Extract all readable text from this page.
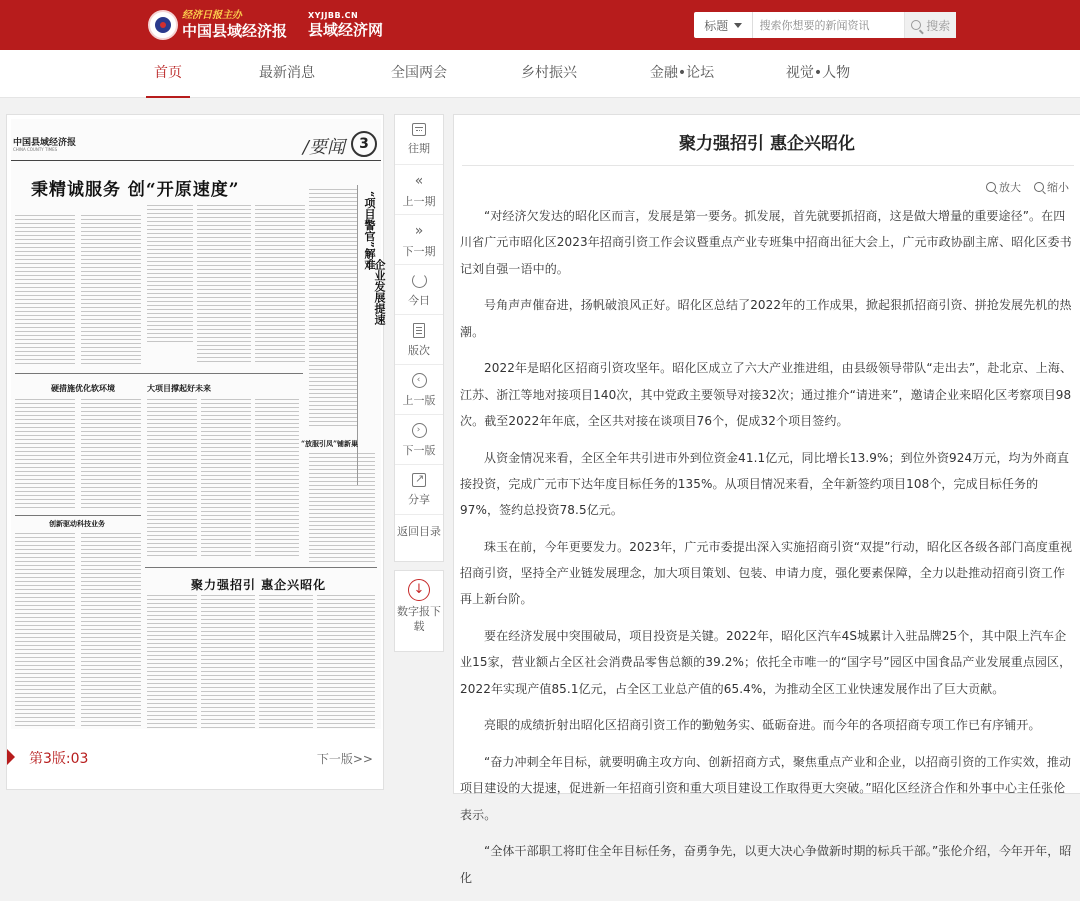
经济日报主办
中国县域经济报
XYJJBB.CN
县域经济网	标题
搜索你想要的新闻资讯	搜索
首页	最新消息	全国两会	乡村振兴	金融•论坛	视觉•人物
中国县域经济报
CHINA COUNTY TIMES	/要闻	3
秉精诚服务 创“开原速度”
“项目警官”解难
企业发展提速
硬措施优化软环境	大项目撑起好未来
“放服引凤”铺新巢
创新驱动科技业务
聚力强招引 惠企兴昭化
第3版:03	下一版>>
往期
«
上一期
»
下一期
今日
版次
‹
上一版
›
下一版
↗
分享
返回目录
↓
数字报下载
聚力强招引 惠企兴昭化
放大 缩小

“对经济欠发达的昭化区而言，发展是第一要务。抓发展，首先就要抓招商，这是做大增量的重要途径”。在四川省广元市昭化区2023年招商引资工作会议暨重点产业专班集中招商出征大会上，广元市政协副主席、昭化区委书记刘自强一语中的。

号角声声催奋进，扬帆破浪风正好。昭化区总结了2022年的工作成果，掀起狠抓招商引资、拼抢发展先机的热潮。

2022年是昭化区招商引资攻坚年。昭化区成立了六大产业推进组，由县级领导带队“走出去”，赴北京、上海、江苏、浙江等地对接项目140次，其中党政主要领导对接32次；通过推介“请进来”，邀请企业来昭化区考察项目98次。截至2022年年底，全区共对接在谈项目76个，促成32个项目签约。

从资金情况来看，全区全年共引进市外到位资金41.1亿元，同比增长13.9%；到位外资924万元，均为外商直接投资，完成广元市下达年度目标任务的135%。从项目情况来看，全年新签约项目108个，完成目标任务的97%，签约总投资78.5亿元。

珠玉在前，今年更要发力。2023年，广元市委提出深入实施招商引资“双提”行动，昭化区各级各部门高度重视招商引资，坚持全产业链发展理念，加大项目策划、包装、申请力度，强化要素保障，全力以赴推动招商引资工作再上新台阶。

要在经济发展中突围破局，项目投资是关键。2022年，昭化区汽车4S城累计入驻品牌25个，其中限上汽车企业15家，营业额占全区社会消费品零售总额的39.2%；依托全市唯一的“国字号”园区中国食品产业发展重点园区，2022年实现产值85.1亿元，占全区工业总产值的65.4%，为推动全区工业快速发展作出了巨大贡献。

亮眼的成绩折射出昭化区招商引资工作的勤勉务实、砥砺奋进。而今年的各项招商专项工作已有序铺开。

“奋力冲刺全年目标，就要明确主攻方向、创新招商方式，聚焦重点产业和企业，以招商引资的工作实效，推动项目建设的大提速，促进新一年招商引资和重大项目建设工作取得更大突破。”昭化区经济合作和外事中心主任张伦表示。

“全体干部职工将盯住全年目标任务，奋勇争先，以更大决心争做新时期的标兵干部。”张伦介绍，今年开年，昭化
